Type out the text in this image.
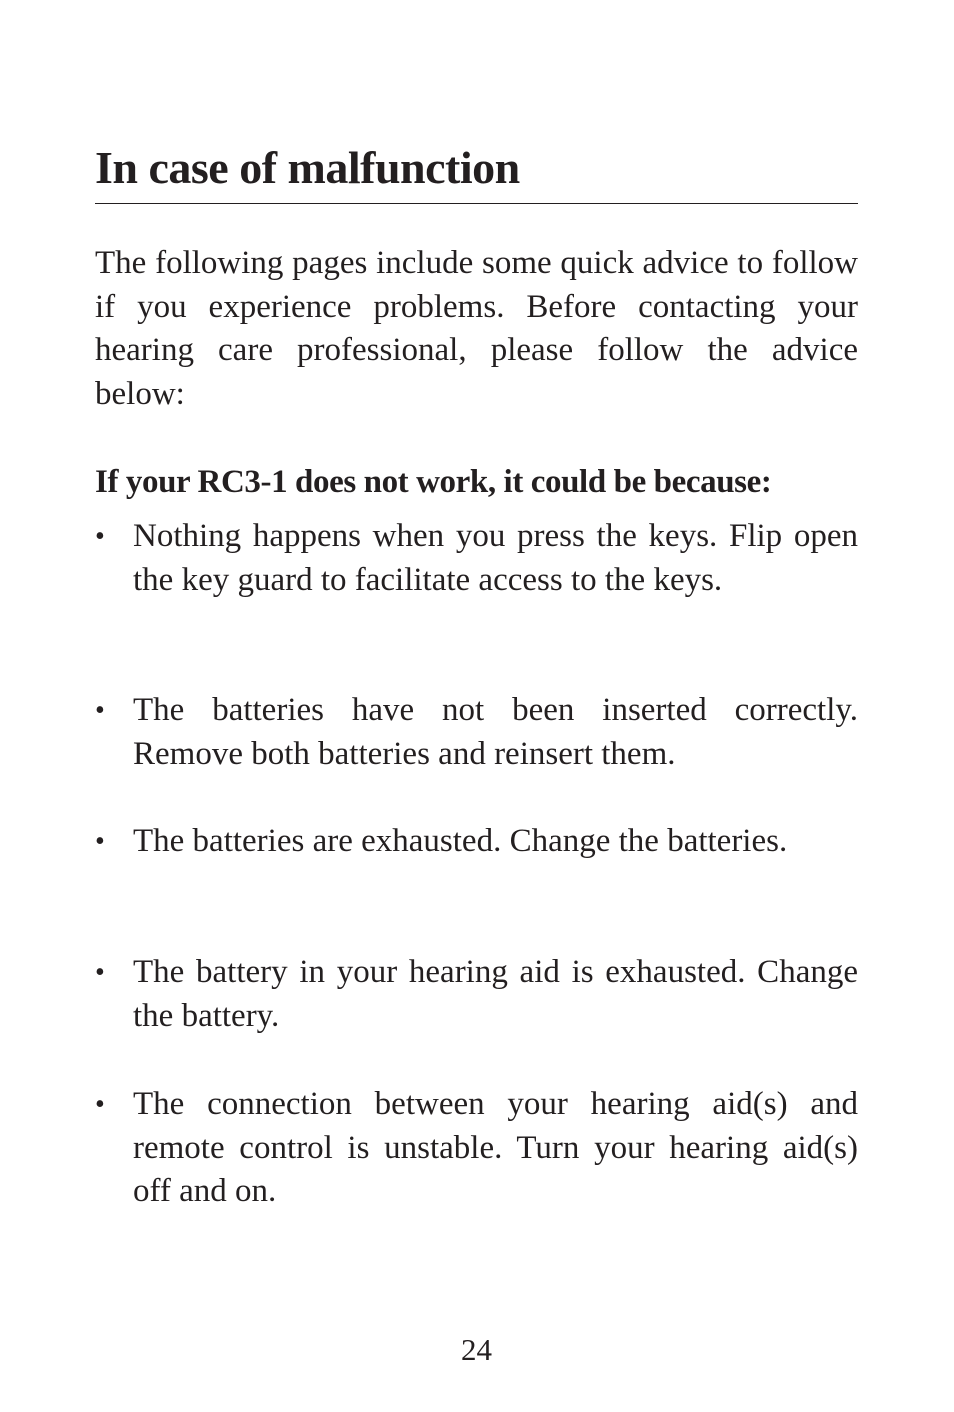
In case of malfunction

The following pages include some quick advice to follow if you experience problems. Before contacting your hearing care professional, please follow the advice below:

If your RC3-1 does not work, it could be because:

• Nothing happens when you press the keys. Flip open the key guard to facilitate access to the keys.
• The batteries have not been inserted correctly. Remove both batteries and reinsert them.
• The batteries are exhausted. Change the batteries.
• The battery in your hearing aid is exhausted. Change the battery.
• The connection between your hearing aid(s) and remote control is unstable. Turn your hearing aid(s) off and on.

24
